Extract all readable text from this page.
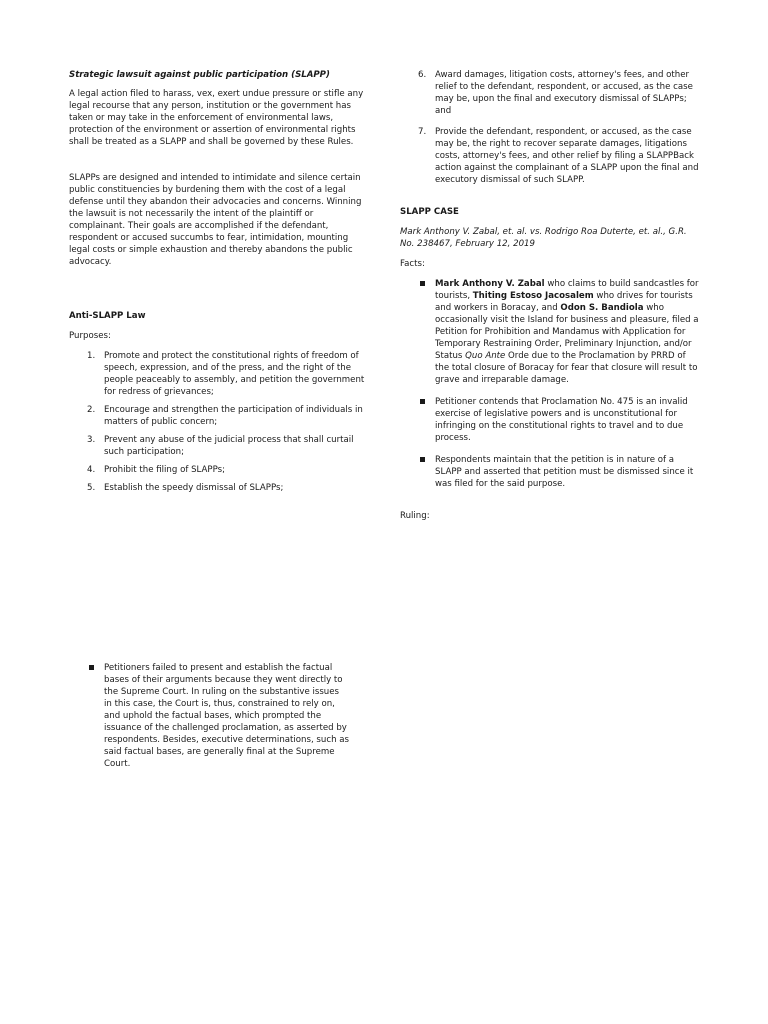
Strategic lawsuit against public participation (SLAPP)

A legal action filed to harass, vex, exert undue pressure or stifle any legal recourse that any person, institution or the government has taken or may take in the enforcement of environmental laws, protection of the environment or assertion of environmental rights shall be treated as a SLAPP and shall be governed by these Rules.

SLAPPs are designed and intended to intimidate and silence certain public constituencies by burdening them with the cost of a legal defense until they abandon their advocacies and concerns. Winning the lawsuit is not necessarily the intent of the plaintiff or complainant. Their goals are accomplished if the defendant, respondent or accused succumbs to fear, intimidation, mounting legal costs or simple exhaustion and thereby abandons the public advocacy.

Anti-SLAPP Law

Purposes:

1. Promote and protect the constitutional rights of freedom of speech, expression, and of the press, and the right of the people peaceably to assembly, and petition the government for redress of grievances;
2. Encourage and strengthen the participation of individuals in matters of public concern;
3. Prevent any abuse of the judicial process that shall curtail such participation;
4. Prohibit the filing of SLAPPs;
5. Establish the speedy dismissal of SLAPPs;
Petitioners failed to present and establish the factual bases of their arguments because they went directly to the Supreme Court. In ruling on the substantive issues in this case, the Court is, thus, constrained to rely on, and uphold the factual bases, which prompted the issuance of the challenged proclamation, as asserted by respondents. Besides, executive determinations, such as said factual bases, are generally final at the Supreme Court.
6. Award damages, litigation costs, attorney's fees, and other relief to the defendant, respondent, or accused, as the case may be, upon the final and executory dismissal of SLAPPs; and
7. Provide the defendant, respondent, or accused, as the case may be, the right to recover separate damages, litigations costs, attorney's fees, and other relief by filing a SLAPPBack action against the complainant of a SLAPP upon the final and executory dismissal of such SLAPP.

SLAPP CASE

Mark Anthony V. Zabal, et. al. vs. Rodrigo Roa Duterte, et. al., G.R. No. 238467, February 12, 2019

Facts:

Mark Anthony V. Zabal who claims to build sandcastles for tourists, Thiting Estoso Jacosalem who drives for tourists and workers in Boracay, and Odon S. Bandiola who occasionally visit the Island for business and pleasure, filed a Petition for Prohibition and Mandamus with Application for Temporary Restraining Order, Preliminary Injunction, and/or Status Quo Ante Orde due to the Proclamation by PRRD of the total closure of Boracay for fear that closure will result to grave and irreparable damage.
Petitioner contends that Proclamation No. 475 is an invalid exercise of legislative powers and is unconstitutional for infringing on the constitutional rights to travel and to due process.
Respondents maintain that the petition is in nature of a SLAPP and asserted that petition must be dismissed since it was filed for the said purpose.

Ruling:
